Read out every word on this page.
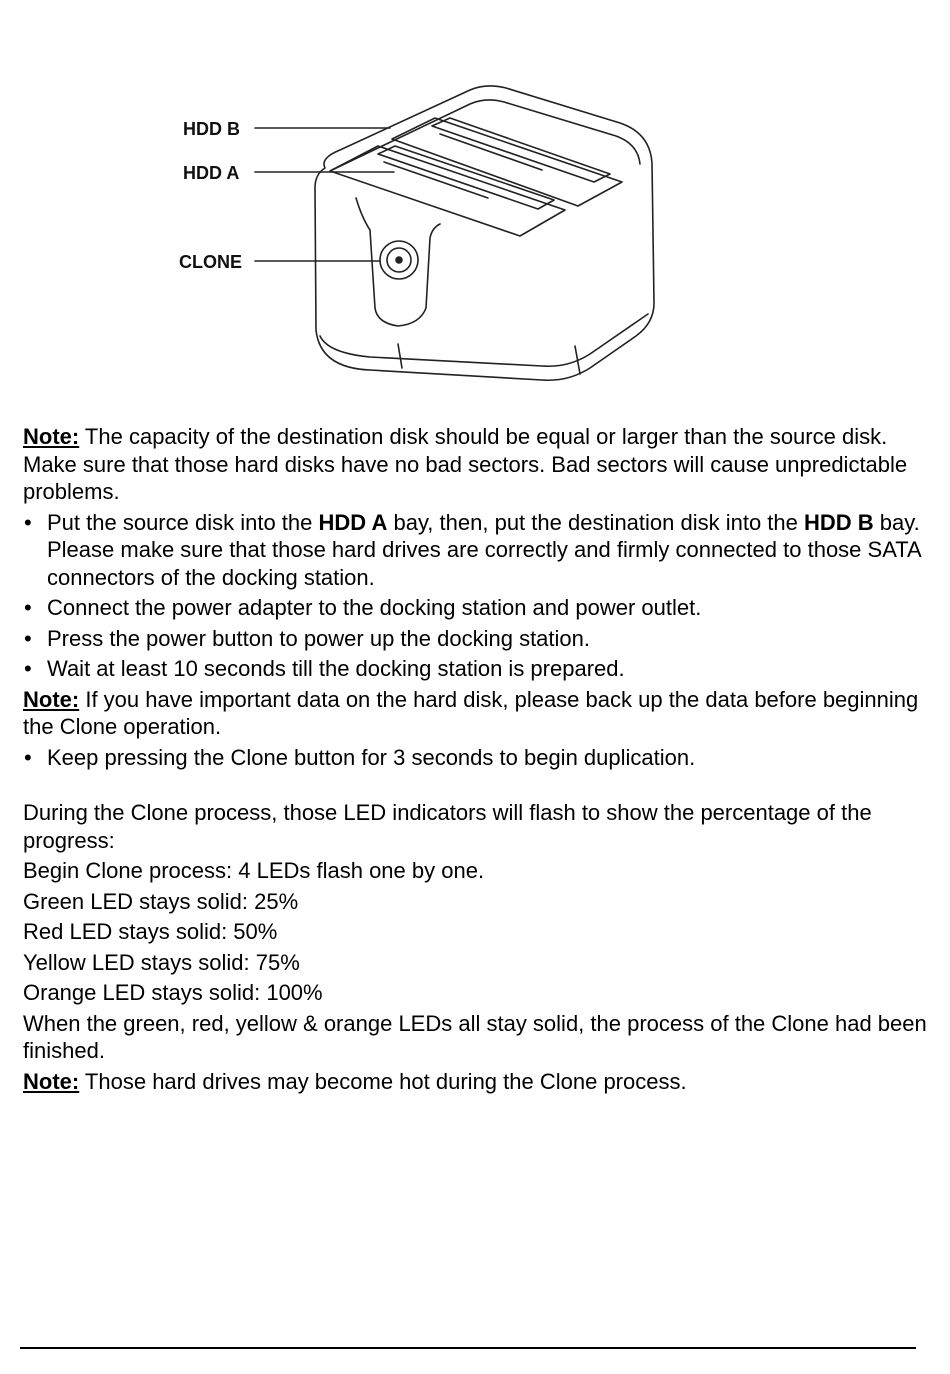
HDD B
HDD A
CLONE

Note: The capacity of the destination disk should be equal or larger than the source disk. Make sure that those hard disks have no bad sectors. Bad sectors will cause unpredictable problems.

• Put the source disk into the HDD A bay, then, put the destination disk into the HDD B bay. Please make sure that those hard drives are correctly and firmly connected to those SATA connectors of the docking station.
• Connect the power adapter to the docking station and power outlet.
• Press the power button to power up the docking station.
• Wait at least 10 seconds till the docking station is prepared.

Note: If you have important data on the hard disk, please back up the data before beginning the Clone operation.

• Keep pressing the Clone button for 3 seconds to begin duplication.

During the Clone process, those LED indicators will flash to show the percentage of the progress:

Begin Clone process: 4 LEDs flash one by one.

Green LED stays solid: 25%

Red LED stays solid: 50%

Yellow LED stays solid: 75%

Orange LED stays solid: 100%

When the green, red, yellow & orange LEDs all stay solid, the process of the Clone had been finished.

Note: Those hard drives may become hot during the Clone process.
